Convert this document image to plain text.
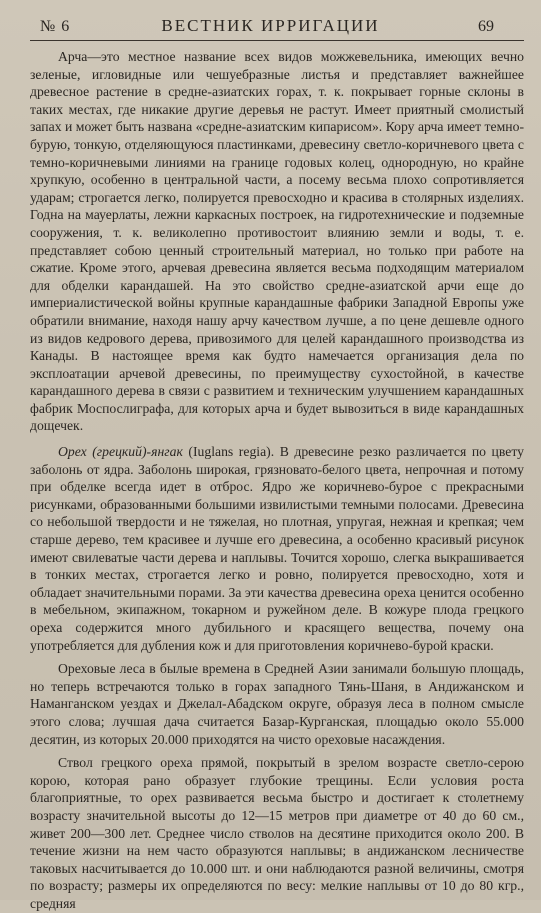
№ 6	ВЕСТНИК ИРРИГАЦИИ	69

Арча—это местное название всех видов можжевельника, имеющих вечно зеленые, игловидные или чешуебразные листья и представляет важнейшее древесное растение в средне-азиатских горах, т. к. покрывает горные склоны в таких местах, где никакие другие деревья не растут. Имеет приятный смолистый запах и может быть названа «средне-азиатским кипарисом». Кору арча имеет темно-бурую, тонкую, отделяющуюся пластинками, древесину светло-коричневого цвета с темно-коричневыми линиями на границе годовых колец, однородную, но крайне хрупкую, особенно в центральной части, а посему весьма плохо сопротивляется ударам; строгается легко, полируется превосходно и красива в столярных изделиях. Годна на мауерлаты, лежни каркасных построек, на гидротехнические и подземные сооружения, т. к. великолепно противостоит влиянию земли и воды, т. е. представляет собою ценный строительный материал, но только при работе на сжатие. Кроме этого, арчевая древесина является весьма подходящим материалом для обделки карандашей. На это свойство средне-азиатской арчи еще до империалистической войны крупные карандашные фабрики Западной Европы уже обратили внимание, находя нашу арчу качеством лучше, а по цене дешевле одного из видов кедрового дерева, привозимого для целей карандашного производства из Канады. В настоящее время как будто намечается организация дела по эксплоатации арчевой древесины, по преимуществу сухостойной, в качестве карандашного дерева в связи с развитием и техническим улучшением карандашных фабрик Моспослиграфа, для которых арча и будет вывозиться в виде карандашных дощечек.

Орех (грецкий)-янгак (Iuglans regia). В древесине резко различается по цвету заболонь от ядра. Заболонь широкая, грязновато-белого цвета, непрочная и потому при обделке всегда идет в отброс. Ядро же коричнево-бурое с прекрасными рисунками, образованными большими извилистыми темными полосами. Древесина со небольшой твердости и не тяжелая, но плотная, упругая, нежная и крепкая; чем старше дерево, тем красивее и лучше его древесина, а особенно красивый рисунок имеют свилеватые части дерева и наплывы. Точится хорошо, слегка выкрашивается в тонких местах, строгается легко и ровно, полируется превосходно, хотя и обладает значительными порами. За эти качества древесина ореха ценится особенно в мебельном, экипажном, токарном и ружейном деле. В кожуре плода грецкого ореха содержится много дубильного и красящего вещества, почему она употребляется для дубления кож и для приготовления коричнево-бурой краски.

Ореховые леса в былые времена в Средней Азии занимали большую площадь, но теперь встречаются только в горах западного Тянь-Шаня, в Андижанском и Наманганском уездах и Джелал-Абадском округе, образуя леса в полном смысле этого слова; лучшая дача считается Базар-Курганская, площадью около 55.000 десятин, из которых 20.000 приходятся на чисто ореховые насаждения.

Ствол грецкого ореха прямой, покрытый в зрелом возрасте светло-серою корою, которая рано образует глубокие трещины. Если условия роста благоприятные, то орех развивается весьма быстро и достигает к столетнему возрасту значительной высоты до 12—15 метров при диаметре от 40 до 60 см., живет 200—300 лет. Среднее число стволов на десятине приходится около 200. В течение жизни на нем часто образуются наплывы; в андижанском лесничестве таковых насчитывается до 10.000 шт. и они наблюдаются разной величины, смотря по возрасту; размеры их определяются по весу: мелкие наплывы от 10 до 80 кгр., средняя
